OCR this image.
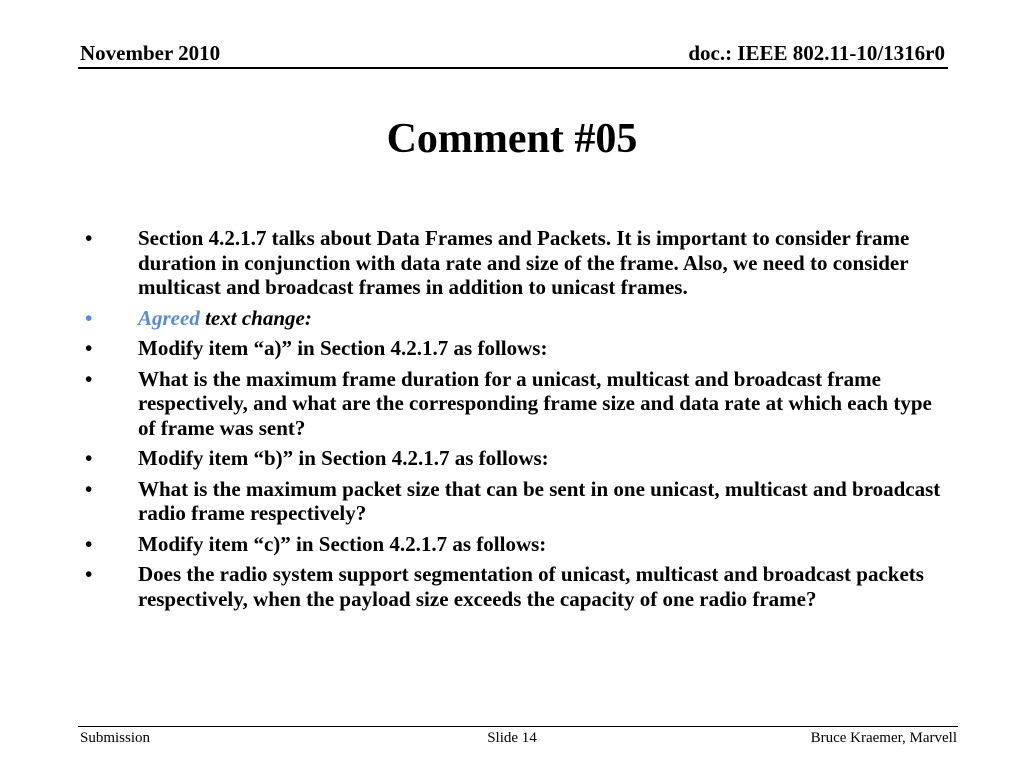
November 2010	doc.: IEEE 802.11-10/1316r0
Comment #05
•	Section 4.2.1.7 talks about Data Frames and Packets. It is important to consider frame duration in conjunction with data rate and size of the frame. Also, we need to consider multicast and broadcast frames in addition to unicast frames.
•	Agreed text change:
•	Modify item “a)” in Section 4.2.1.7 as follows:
•	What is the maximum frame duration for a unicast, multicast and broadcast frame respectively, and what are the corresponding frame size and data rate at which each type of frame was sent?
•	Modify item “b)” in Section 4.2.1.7 as follows:
•	What is the maximum packet size that can be sent in one unicast, multicast and broadcast radio frame respectively?
•	Modify item “c)” in Section 4.2.1.7 as follows:
•	Does the radio system support segmentation of unicast, multicast and broadcast packets respectively, when the payload size exceeds the capacity of one radio frame?
Submission	Slide 14	Bruce Kraemer, Marvell
